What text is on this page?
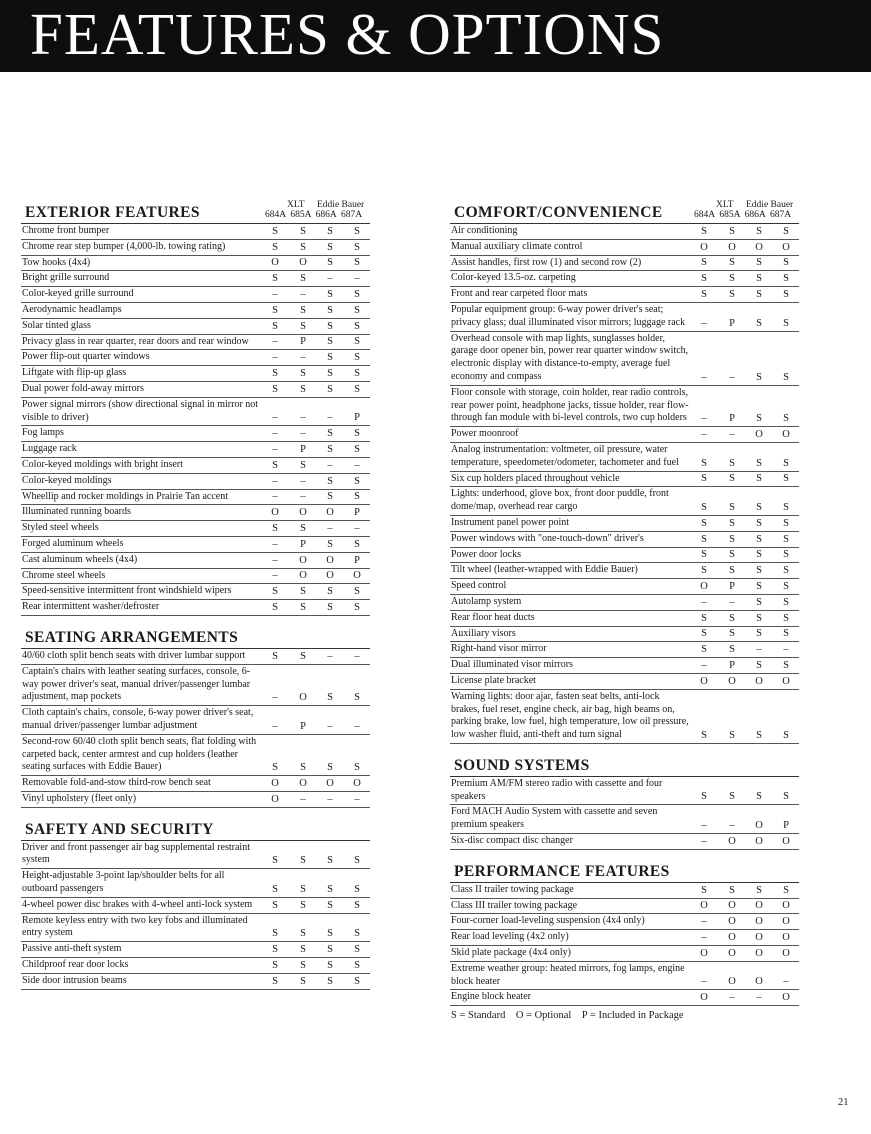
FEATURES & OPTIONS
EXTERIOR FEATURES	XLT Eddie Bauer
684A  685A  686A  687A
Chrome front bumper	S	S	S	S
Chrome rear step bumper (4,000-lb. towing rating)	S	S	S	S
Tow hooks (4x4)	O	O	S	S
Bright grille surround	S	S	–	–
Color-keyed grille surround	–	–	S	S
Aerodynamic headlamps	S	S	S	S
Solar tinted glass	S	S	S	S
Privacy glass in rear quarter, rear doors and rear window	–	P	S	S
Power flip-out quarter windows	–	–	S	S
Liftgate with flip-up glass	S	S	S	S
Dual power fold-away mirrors	S	S	S	S
Power signal mirrors (show directional signal in mirror not visible to driver)	–	–	–	P
Fog lamps	–	–	S	S
Luggage rack	–	P	S	S
Color-keyed moldings with bright insert	S	S	–	–
Color-keyed moldings	–	–	S	S
Wheellip and rocker moldings in Prairie Tan accent	–	–	S	S
Illuminated running boards	O	O	O	P
Styled steel wheels	S	S	–	–
Forged aluminum wheels	–	P	S	S
Cast aluminum wheels (4x4)	–	O	O	P
Chrome steel wheels	–	O	O	O
Speed-sensitive intermittent front windshield wipers	S	S	S	S
Rear intermittent washer/defroster	S	S	S	S
SEATING ARRANGEMENTS
40/60 cloth split bench seats with driver lumbar support	S	S	–	–
Captain's chairs with leather seating surfaces, console, 6-way power driver's seat, manual driver/passenger lumbar adjustment, map pockets	–	O	S	S
Cloth captain's chairs, console, 6-way power driver's seat, manual driver/passenger lumbar adjustment	–	P	–	–
Second-row 60/40 cloth split bench seats, flat folding with carpeted back, center armrest and cup holders (leather seating surfaces with Eddie Bauer)	S	S	S	S
Removable fold-and-stow third-row bench seat	O	O	O	O
Vinyl upholstery (fleet only)	O	–	–	–
SAFETY AND SECURITY
Driver and front passenger air bag supplemental restraint system	S	S	S	S
Height-adjustable 3-point lap/shoulder belts for all outboard passengers	S	S	S	S
4-wheel power disc brakes with 4-wheel anti-lock system	S	S	S	S
Remote keyless entry with two key fobs and illuminated entry system	S	S	S	S
Passive anti-theft system	S	S	S	S
Childproof rear door locks	S	S	S	S
Side door intrusion beams	S	S	S	S
COMFORT/CONVENIENCE	XLT Eddie Bauer
684A  685A  686A  687A
Air conditioning	S	S	S	S
Manual auxiliary climate control	O	O	O	O
Assist handles, first row (1) and second row (2)	S	S	S	S
Color-keyed 13.5-oz. carpeting	S	S	S	S
Front and rear carpeted floor mats	S	S	S	S
Popular equipment group: 6-way power driver's seat; privacy glass; dual illuminated visor mirrors; luggage rack	–	P	S	S
Overhead console with map lights, sunglasses holder, garage door opener bin, power rear quarter window switch, electronic display with distance-to-empty, average fuel economy and compass	–	–	S	S
Floor console with storage, coin holder, rear radio controls, rear power point, headphone jacks, tissue holder, rear flow-through fan module with bi-level controls, two cup holders	–	P	S	S
Power moonroof	–	–	O	O
Analog instrumentation: voltmeter, oil pressure, water temperature, speedometer/odometer, tachometer and fuel	S	S	S	S
Six cup holders placed throughout vehicle	S	S	S	S
Lights: underhood, glove box, front door puddle, front dome/map, overhead rear cargo	S	S	S	S
Instrument panel power point	S	S	S	S
Power windows with "one-touch-down" driver's	S	S	S	S
Power door locks	S	S	S	S
Tilt wheel (leather-wrapped with Eddie Bauer)	S	S	S	S
Speed control	O	P	S	S
Autolamp system	–	–	S	S
Rear floor heat ducts	S	S	S	S
Auxiliary visors	S	S	S	S
Right-hand visor mirror	S	S	–	–
Dual illuminated visor mirrors	–	P	S	S
License plate bracket	O	O	O	O
Warning lights: door ajar, fasten seat belts, anti-lock brakes, fuel reset, engine check, air bag, high beams on, parking brake, low fuel, high temperature, low oil pressure, low washer fluid, anti-theft and turn signal	S	S	S	S
SOUND SYSTEMS
Premium AM/FM stereo radio with cassette and four speakers	S	S	S	S
Ford MACH Audio System with cassette and seven premium speakers	–	–	O	P
Six-disc compact disc changer	–	O	O	O
PERFORMANCE FEATURES
Class II trailer towing package	S	S	S	S
Class III trailer towing package	O	O	O	O
Four-corner load-leveling suspension (4x4 only)	–	O	O	O
Rear load leveling (4x2 only)	–	O	O	O
Skid plate package (4x4 only)	O	O	O	O
Extreme weather group: heated mirrors, fog lamps, engine block heater	–	O	O	–
Engine block heater	O	–	–	O
S = Standard    O = Optional    P = Included in Package
21
